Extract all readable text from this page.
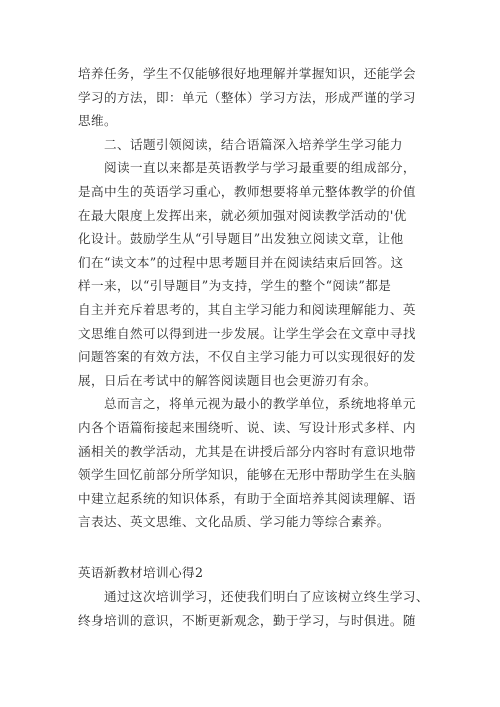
培养任务，学生不仅能够很好地理解并掌握知识，还能学会
学习的方法，即：单元（整体）学习方法，形成严谨的学习
思维。
　　二、话题引领阅读，结合语篇深入培养学生学习能力
　　阅读一直以来都是英语教学与学习最重要的组成部分，
是高中生的英语学习重心，教师想要将单元整体教学的价值
在最大限度上发挥出来，就必须加强对阅读教学活动的'优
化设计。鼓励学生从“引导题目”出发独立阅读文章，让他
们在“读文本”的过程中思考题目并在阅读结束后回答。这
样一来，以“引导题目”为支持，学生的整个“阅读”都是
自主并充斥着思考的，其自主学习能力和阅读理解能力、英
文思维自然可以得到进一步发展。让学生学会在文章中寻找
问题答案的有效方法，不仅自主学习能力可以实现很好的发
展，日后在考试中的解答阅读题目也会更游刃有余。
　　总而言之，将单元视为最小的教学单位，系统地将单元
内各个语篇衔接起来围绕听、说、读、写设计形式多样、内
涵相关的教学活动，尤其是在讲授后部分内容时有意识地带
领学生回忆前部分所学知识，能够在无形中帮助学生在头脑
中建立起系统的知识体系，有助于全面培养其阅读理解、语
言表达、英文思维、文化品质、学习能力等综合素养。
英语新教材培训心得2
　　通过这次培训学习，还使我们明白了应该树立终生学习、
终身培训的意识，不断更新观念，勤于学习，与时俱进。随
